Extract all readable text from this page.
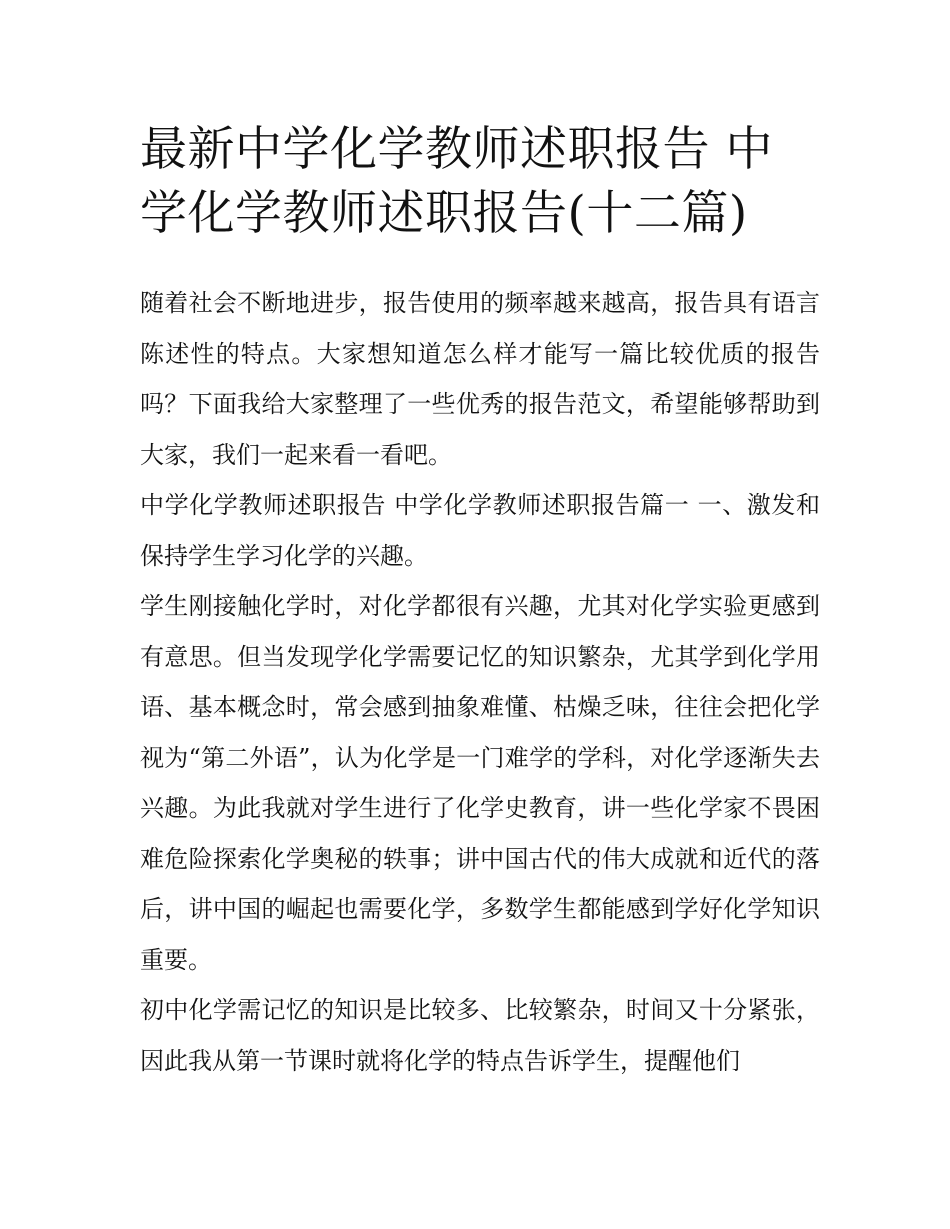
最新中学化学教师述职报告 中学化学教师述职报告(十二篇)

随着社会不断地进步，报告使用的频率越来越高，报告具有语言陈述性的特点。大家想知道怎么样才能写一篇比较优质的报告吗？下面我给大家整理了一些优秀的报告范文，希望能够帮助到大家，我们一起来看一看吧。

中学化学教师述职报告 中学化学教师述职报告篇一 一、激发和保持学生学习化学的兴趣。

学生刚接触化学时，对化学都很有兴趣，尤其对化学实验更感到有意思。但当发现学化学需要记忆的知识繁杂，尤其学到化学用语、基本概念时，常会感到抽象难懂、枯燥乏味，往往会把化学视为“第二外语”，认为化学是一门难学的学科，对化学逐渐失去兴趣。为此我就对学生进行了化学史教育，讲一些化学家不畏困难危险探索化学奥秘的轶事；讲中国古代的伟大成就和近代的落后，讲中国的崛起也需要化学，多数学生都能感到学好化学知识重要。

初中化学需记忆的知识是比较多、比较繁杂，时间又十分紧张，因此我从第一节课时就将化学的特点告诉学生，提醒他们
